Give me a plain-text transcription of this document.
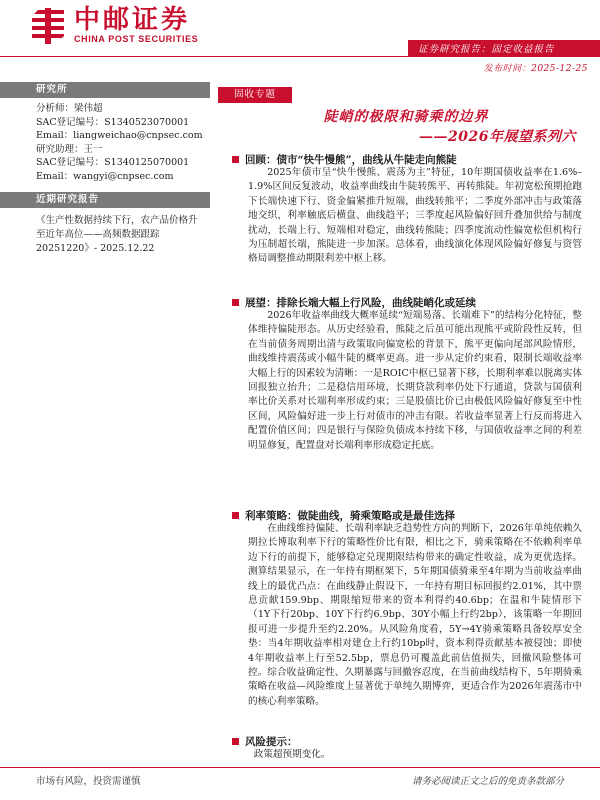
中邮证券
CHINA POST SECURITIES
证券研究报告：固定收益报告
发布时间：2025-12-25
研究所
分析师：梁伟超
SAC登记编号：S1340523070001
Email：liangweichao@cnpsec.com
研究助理：王一
SAC登记编号：S1340125070001
Email：wangyi@cnpsec.com
近期研究报告
《生产性数据持续下行，农产品价格升至近年高位——高频数据跟踪 20251220》- 2025.12.22
固收专题
陡峭的极限和骑乘的边界
——2026年展望系列六
回顾：债市“快牛慢熊”，曲线从牛陡走向熊陡
2025年债市呈“快牛慢熊、震荡为主”特征，10年期国债收益率在1.6%–1.9%区间反复波动，收益率曲线由牛陡转熊平、再转熊陡。年初宽松预期抢跑下长端快速下行、资金偏紧推升短端，曲线转熊平；二季度外部冲击与政策落地交织，利率触底后横盘、曲线趋平；三季度起风险偏好回升叠加供给与制度扰动，长端上行、短端相对稳定，曲线转熊陡；四季度流动性偏宽松但机构行为压制超长端，熊陡进一步加深。总体看，曲线演化体现风险偏好修复与资管格局调整推动期限利差中枢上移。
展望：排除长端大幅上行风险，曲线陡峭化或延续
2026年收益率曲线大概率延续“短端易落、长端难下”的结构分化特征，整体维持偏陡形态。从历史经验看，熊陡之后虽可能出现熊平或阶段性反转，但在当前债务周期出清与政策取向偏宽松的背景下，熊平更偏向尾部风险情形，曲线维持震荡或小幅牛陡的概率更高。进一步从定价约束看，限制长端收益率大幅上行的因素较为清晰：一是ROIC中枢已显著下移，长期利率难以脱离实体回报独立抬升；二是稳信用环境，长期贷款利率仍处下行通道，贷款与国债利率比价关系对长端利率形成约束；三是股债比价已由极低风险偏好修复至中性区间，风险偏好进一步上行对债市的冲击有限。若收益率显著上行反而将进入配置价值区间；四是银行与保险负债成本持续下移，与国债收益率之间的利差明显修复，配置盘对长端利率形成稳定托底。
利率策略：做陡曲线，骑乘策略或是最佳选择
在曲线维持偏陡、长端利率缺乏趋势性方向的判断下，2026年单纯依赖久期拉长博取利率下行的策略性价比有限，相比之下，骑乘策略在不依赖利率单边下行的前提下，能够稳定兑现期限结构带来的确定性收益，成为更优选择。测算结果显示，在一年持有期框架下，5年期国债骑乘至4年期为当前收益率曲线上的最优凸点：在曲线静止假设下，一年持有期目标回报约2.01%，其中票息贡献159.9bp、期限缩短带来的资本利得约40.6bp；在温和牛陡情形下（1Y下行20bp、10Y下行约6.9bp、30Y小幅上行约2bp），该策略一年期回报可进一步提升至约2.20%。从风险角度看，5Y→4Y骑乘策略具备较厚安全垫：当4年期收益率相对建仓上行约10bp时，资本利得贡献基本被侵蚀；即使4年期收益率上行至52.5bp，票息仍可覆盖此前估值损失，回撤风险整体可控。综合收益确定性、久期暴露与回撤容忍度，在当前曲线结构下，5年期骑乘策略在收益—风险维度上显著优于单纯久期博弈，更适合作为2026年震荡市中的核心利率策略。
风险提示：
政策超预期变化。
市场有风险，投资需谨慎	请务必阅读正文之后的免责条款部分
